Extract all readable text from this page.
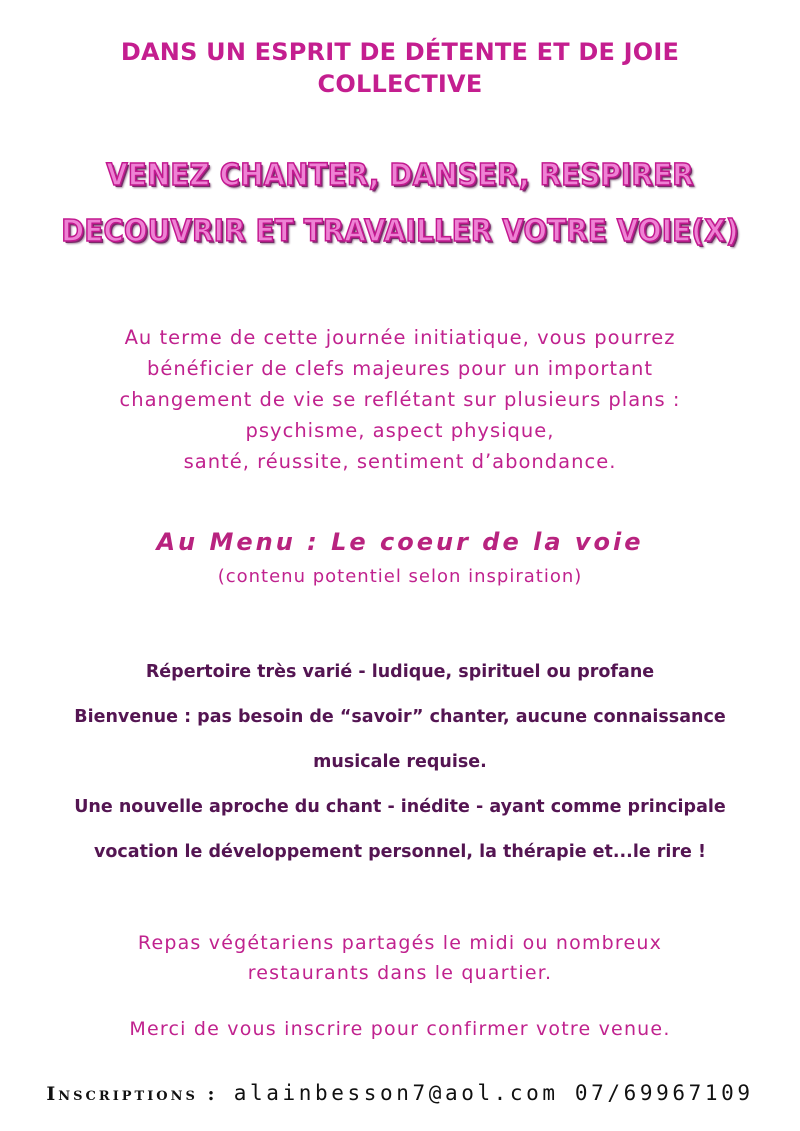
DANS UN ESPRIT DE DÉTENTE ET DE JOIE
COLLECTIVE
VENEZ CHANTER, DANSER, RESPIRER
DECOUVRIR ET TRAVAILLER VOTRE VOIE(X)
Au terme de cette journée initiatique, vous pourrez
bénéficier de clefs majeures pour un important
changement de vie se reflétant sur plusieurs plans :
psychisme, aspect physique,
santé, réussite, sentiment d’abondance.
Au Menu : Le coeur de la voie
(contenu potentiel selon inspiration)
Répertoire très varié - ludique, spirituel ou profane
Bienvenue : pas besoin de “savoir” chanter, aucune connaissance
musicale requise.
Une nouvelle aproche du chant - inédite - ayant comme principale
vocation le développement personnel, la thérapie et...le rire !
Repas végétariens partagés le midi ou nombreux
restaurants dans le quartier.
Merci de vous inscrire pour confirmer votre venue.
Inscriptions : alainbesson7@aol.com 07/69967109
